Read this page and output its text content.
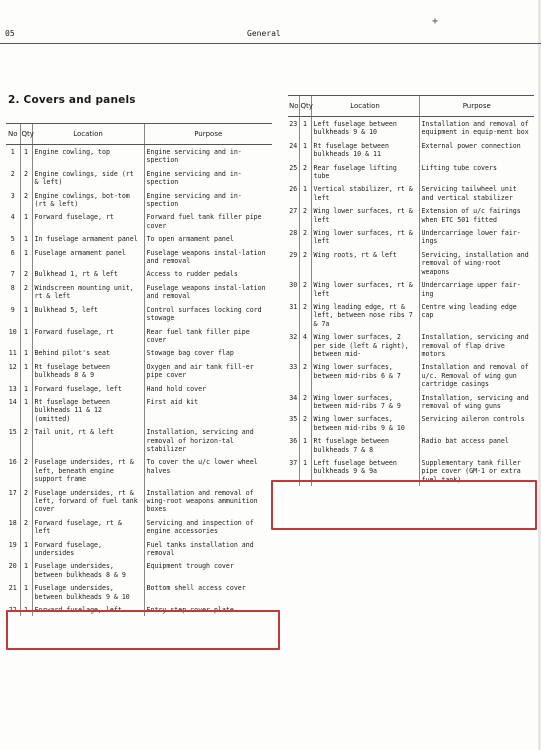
+
05	General
2. Covers and panels
No	Qty	Location	Purpose
1	1	Engine cowling, top	Engine servicing and in-spection
2	2	Engine cowlings, side (rt & left)	Engine servicing and in-spection
3	2	Engine cowlings, bot-tom (rt & left)	Engine servicing and in-spection
4	1	Forward fuselage, rt	Forward fuel tank filler pipe cover
5	1	In fuselage armament panel	To open armament panel
6	1	Fuselage armament panel	Fuselage weapons instal-lation and removal
7	2	Bulkhead 1, rt & left	Access to rudder pedals
8	2	Windscreen mounting unit, rt & left	Fuselage weapons instal-lation and removal
9	1	Bulkhead 5, left	Control surfaces locking cord stowage
10	1	Forward fuselage, rt	Rear fuel tank filler pipe cover
11	1	Behind pilot's seat	Stowage bag cover flap
12	1	Rt fuselage between bulkheads 8 & 9	Oxygen and air tank fill-er pipe cover
13	1	Forward fuselage, left	Hand hold cover
14	1	Rt fuselage between bulkheads 11 & 12 (omitted)	First aid kit
15	2	Tail unit, rt & left	Installation, servicing and removal of horizon-tal stabilizer
16	2	Fuselage undersides, rt & left, beneath engine support frame	To cover the u/c lower wheel halves
17	2	Fuselage undersides, rt & left, forward of fuel tank cover	Installation and removal of wing-root weapons ammunition boxes
18	2	Forward fuselage, rt & left	Servicing and inspection of engine accessories
19	1	Forward fuselage, undersides	Fuel tanks installation and removal
20	1	Fuselage undersides, between bulkheads 8 & 9	Equipment trough cover
21	1	Fuselage undersides, between bulkheads 9 & 10	Bottom shell access cover
22	1	Forward fuselage, left	Entry step cover plate
No	Qty	Location	Purpose
23	1	Left fuselage between bulkheads 9 & 10	Installation and removal of equipment in equip-ment box
24	1	Rt fuselage between bulkheads 10 & 11	External power connection
25	2	Rear fuselage lifting tube	Lifting tube covers
26	1	Vertical stabilizer, rt & left	Servicing tailwheel unit and vertical stabilizer
27	2	Wing lower surfaces, rt & left	Extension of u/c fairings when ETC 501 fitted
28	2	Wing lower surfaces, rt & left	Undercarriage lower fair-ings
29	2	Wing roots, rt & left	Servicing, installation and removal of wing-root weapons
30	2	Wing lower surfaces, rt & left	Undercarriage upper fair-ing
31	2	Wing leading edge, rt & left, between nose ribs 7 & 7a	Centre wing leading edge cap
32	4	Wing lower surfaces, 2 per side (left & right), between mid-	Installation, servicing and removal of flap drive motors
33	2	Wing lower surfaces, between mid-ribs 6 & 7	Installation and removal of u/c. Removal of wing gun cartridge casings
34	2	Wing lower surfaces, between mid-ribs 7 & 9	Installation, servicing and removal of wing guns
35	2	Wing lower surfaces, between mid-ribs 9 & 10	Servicing aileron controls
36	1	Rt fuselage between bulkheads 7 & 8	Radio bat access panel
37	1	Left fuselage between bulkheads 9 & 9a	Supplementary tank filler pipe cover (GM-1 or extra fuel tank)
